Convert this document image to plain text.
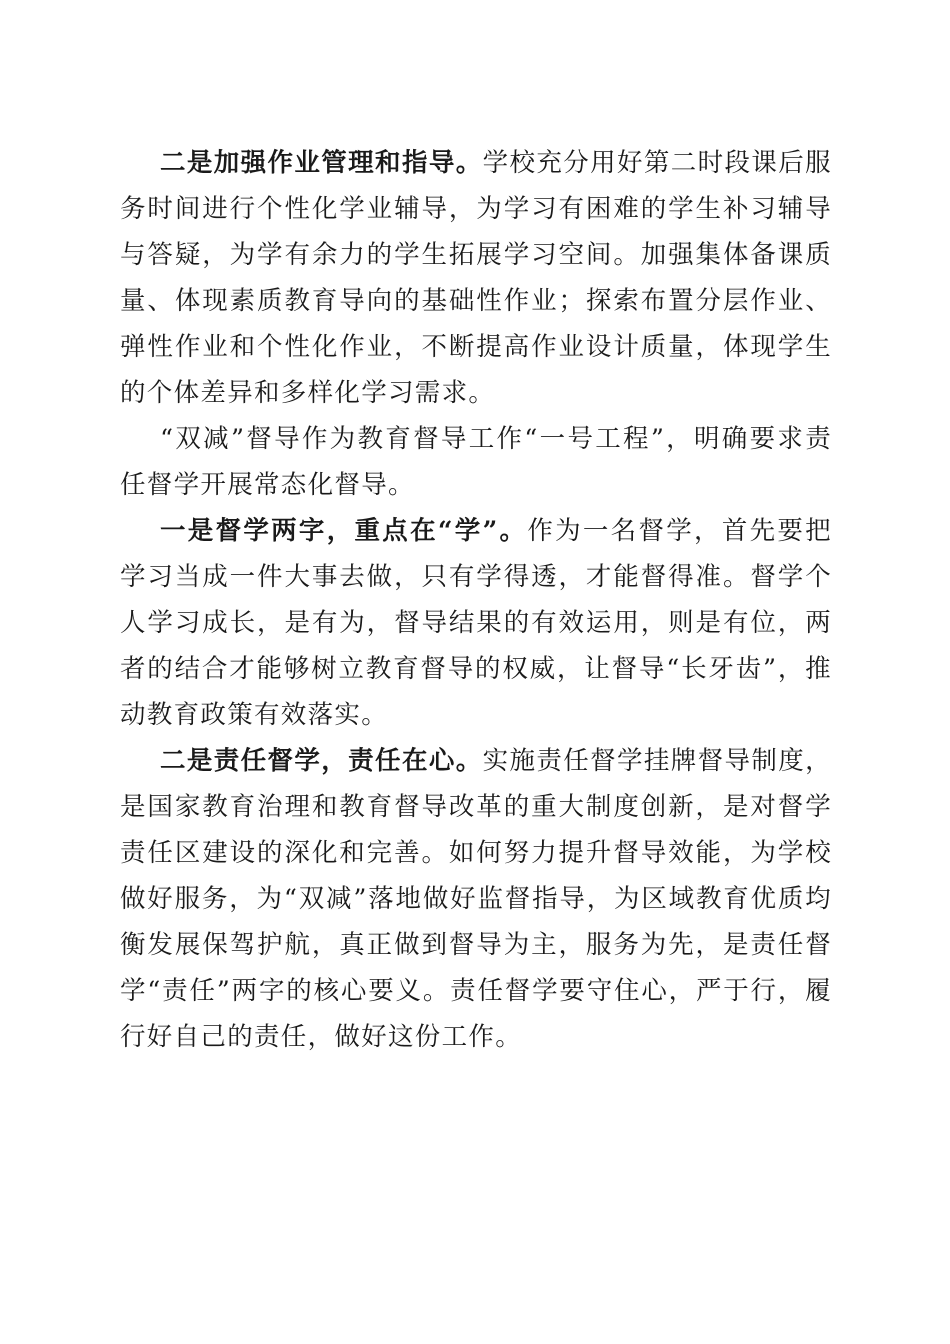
二是加强作业管理和指导。学校充分用好第二时段课后服务时间进行个性化学业辅导，为学习有困难的学生补习辅导与答疑，为学有余力的学生拓展学习空间。加强集体备课质量、体现素质教育导向的基础性作业；探索布置分层作业、弹性作业和个性化作业，不断提高作业设计质量，体现学生的个体差异和多样化学习需求。

“双减”督导作为教育督导工作“一号工程”，明确要求责任督学开展常态化督导。

一是督学两字，重点在“学”。作为一名督学，首先要把学习当成一件大事去做，只有学得透，才能督得准。督学个人学习成长，是有为，督导结果的有效运用，则是有位，两者的结合才能够树立教育督导的权威，让督导“长牙齿”，推动教育政策有效落实。

二是责任督学，责任在心。实施责任督学挂牌督导制度，是国家教育治理和教育督导改革的重大制度创新，是对督学责任区建设的深化和完善。如何努力提升督导效能，为学校做好服务，为“双减”落地做好监督指导，为区域教育优质均衡发展保驾护航，真正做到督导为主，服务为先，是责任督学“责任”两字的核心要义。责任督学要守住心，严于行，履行好自己的责任，做好这份工作。
